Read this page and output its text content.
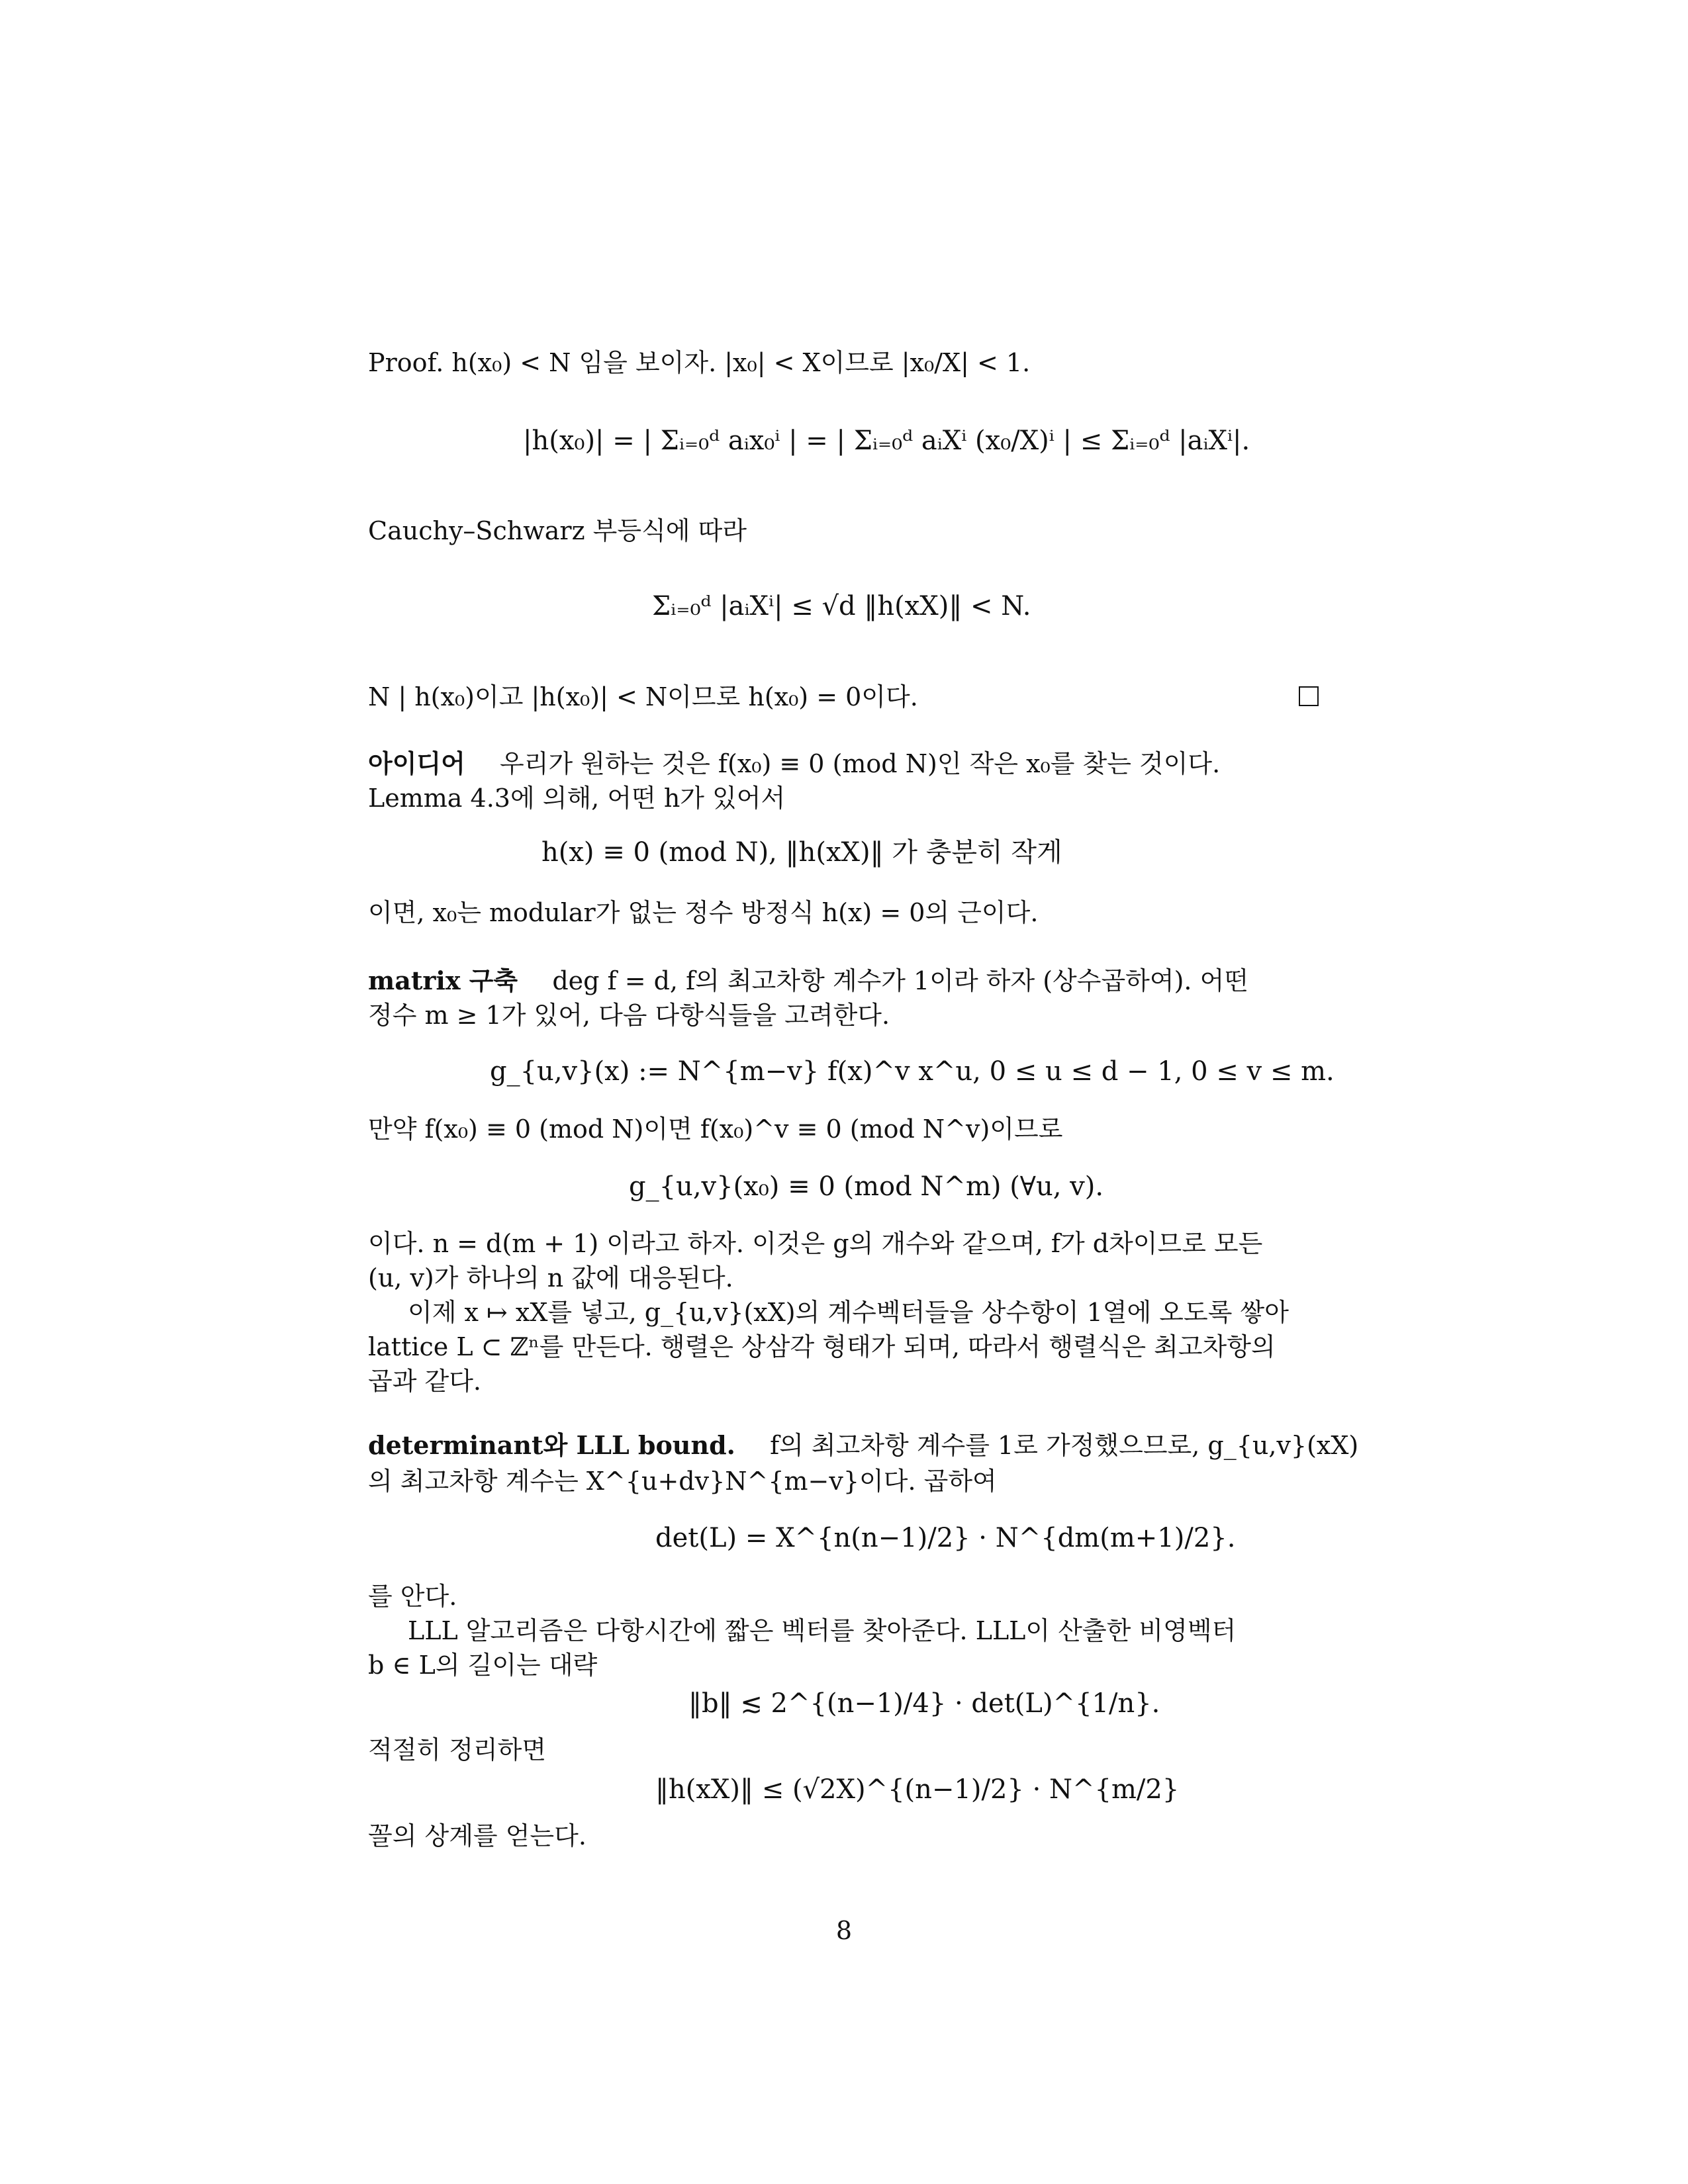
Proof. h(x₀) < N 임을 보이자. |x₀| < X이므로 |x₀/X| < 1.
|h(x₀)| = | Σᵢ₌₀ᵈ aᵢx₀ⁱ | = | Σᵢ₌₀ᵈ aᵢXⁱ (x₀/X)ⁱ | ≤ Σᵢ₌₀ᵈ |aᵢXⁱ|.
Cauchy–Schwarz 부등식에 따라
Σᵢ₌₀ᵈ |aᵢXⁱ| ≤ √d ‖h(xX)‖ < N.
N | h(x₀)이고 |h(x₀)| < N이므로 h(x₀) = 0이다.
아이디어 우리가 원하는 것은 f(x₀) ≡ 0 (mod N)인 작은 x₀를 찾는 것이다.
Lemma 4.3에 의해, 어떤 h가 있어서
h(x) ≡ 0 (mod N), ‖h(xX)‖ 가 충분히 작게
이면, x₀는 modular가 없는 정수 방정식 h(x) = 0의 근이다.
matrix 구축 deg f = d, f의 최고차항 계수가 1이라 하자 (상수곱하여). 어떤
정수 m ≥ 1가 있어, 다음 다항식들을 고려한다.
g_{u,v}(x) := N^{m−v} f(x)^v x^u, 0 ≤ u ≤ d − 1, 0 ≤ v ≤ m.
만약 f(x₀) ≡ 0 (mod N)이면 f(x₀)^v ≡ 0 (mod N^v)이므로
g_{u,v}(x₀) ≡ 0 (mod N^m) (∀u, v).
이다. n = d(m + 1) 이라고 하자. 이것은 g의 개수와 같으며, f가 d차이므로 모든
(u, v)가 하나의 n 값에 대응된다.
이제 x ↦ xX를 넣고, g_{u,v}(xX)의 계수벡터들을 상수항이 1열에 오도록 쌓아
lattice L ⊂ ℤⁿ를 만든다. 행렬은 상삼각 형태가 되며, 따라서 행렬식은 최고차항의
곱과 같다.
determinant와 LLL bound. f의 최고차항 계수를 1로 가정했으므로, g_{u,v}(xX)
의 최고차항 계수는 X^{u+dv}N^{m−v}이다. 곱하여
det(L) = X^{n(n−1)/2} · N^{dm(m+1)/2}.
를 안다.
LLL 알고리즘은 다항시간에 짧은 벡터를 찾아준다. LLL이 산출한 비영벡터
b ∈ L의 길이는 대략
‖b‖ ≲ 2^{(n−1)/4} · det(L)^{1/n}.
적절히 정리하면
‖h(xX)‖ ≤ (√2X)^{(n−1)/2} · N^{m/2}
꼴의 상계를 얻는다.
8
